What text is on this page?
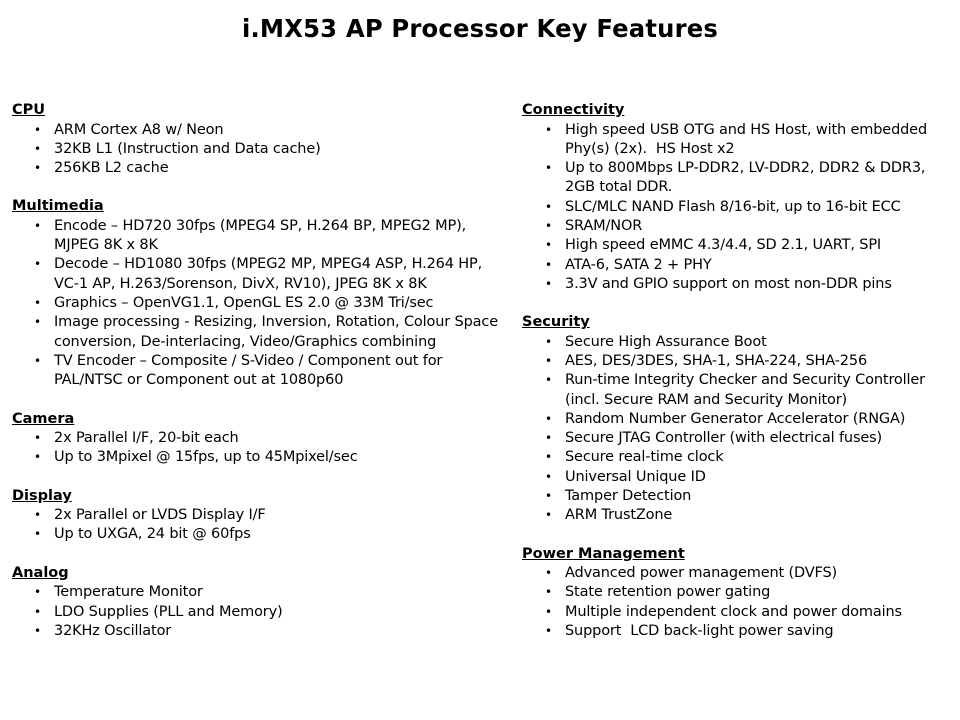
i.MX53 AP Processor Key Features
CPU
• ARM Cortex A8 w/ Neon
• 32KB L1 (Instruction and Data cache)
• 256KB L2 cache
Multimedia
• Encode – HD720 30fps (MPEG4 SP, H.264 BP, MPEG2 MP), MJPEG 8K x 8K
• Decode – HD1080 30fps (MPEG2 MP, MPEG4 ASP, H.264 HP, VC-1 AP, H.263/Sorenson, DivX, RV10), JPEG 8K x 8K
• Graphics – OpenVG1.1, OpenGL ES 2.0 @ 33M Tri/sec
• Image processing - Resizing, Inversion, Rotation, Colour Space conversion, De-interlacing, Video/Graphics combining
• TV Encoder – Composite / S-Video / Component out for PAL/NTSC or Component out at 1080p60
Camera
• 2x Parallel I/F, 20-bit each
• Up to 3Mpixel @ 15fps, up to 45Mpixel/sec
Display
• 2x Parallel or LVDS Display I/F
• Up to UXGA, 24 bit @ 60fps
Analog
• Temperature Monitor
• LDO Supplies (PLL and Memory)
• 32KHz Oscillator
Connectivity
• High speed USB OTG and HS Host, with embedded Phy(s) (2x).  HS Host x2
• Up to 800Mbps LP-DDR2, LV-DDR2, DDR2 & DDR3, 2GB total DDR.
• SLC/MLC NAND Flash 8/16-bit, up to 16-bit ECC
• SRAM/NOR
• High speed eMMC 4.3/4.4, SD 2.1, UART, SPI
• ATA-6, SATA 2 + PHY
• 3.3V and GPIO support on most non-DDR pins
Security
• Secure High Assurance Boot
• AES, DES/3DES, SHA-1, SHA-224, SHA-256
• Run-time Integrity Checker and Security Controller (incl. Secure RAM and Security Monitor)
• Random Number Generator Accelerator (RNGA)
• Secure JTAG Controller (with electrical fuses)
• Secure real-time clock
• Universal Unique ID
• Tamper Detection
• ARM TrustZone
Power Management
• Advanced power management (DVFS)
• State retention power gating
• Multiple independent clock and power domains
• Support  LCD back-light power saving
